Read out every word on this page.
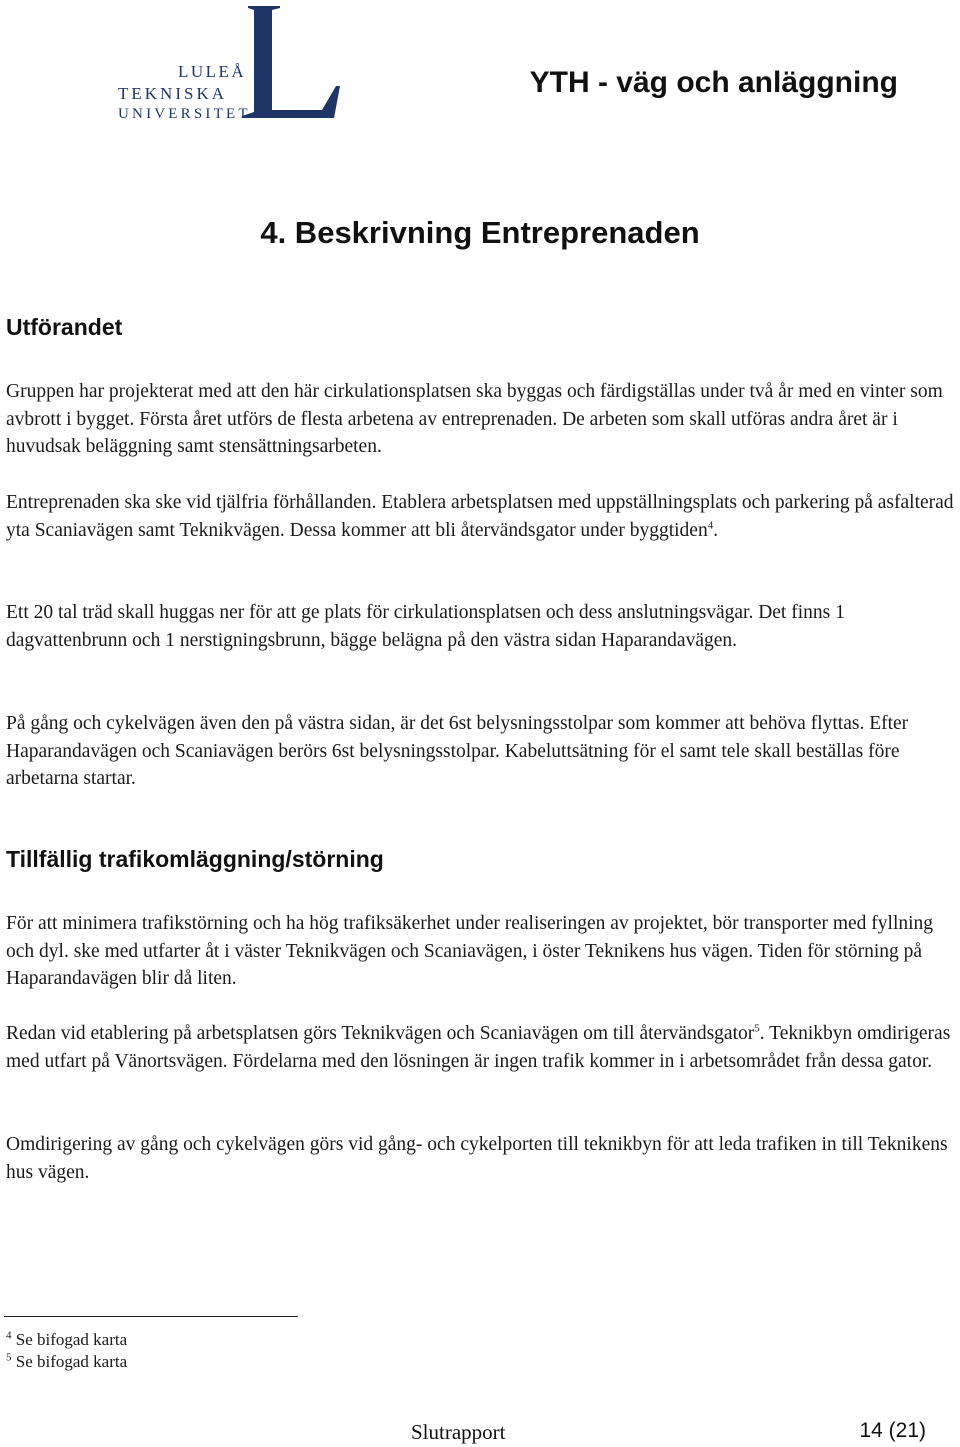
LULEÅ
TEKNISKA
UNIVERSITET
YTH - väg och anläggning
4. Beskrivning Entreprenaden
Utförandet

Gruppen har projekterat med att den här cirkulationsplatsen ska byggas och färdigställas under två år med en vinter som avbrott i bygget. Första året utförs de flesta arbetena av entreprenaden. De arbeten som skall utföras andra året är i huvudsak beläggning samt stensättningsarbeten.

Entreprenaden ska ske vid tjälfria förhållanden. Etablera arbetsplatsen med uppställningsplats och parkering på asfalterad yta Scaniavägen samt Teknikvägen. Dessa kommer att bli återvändsgator under byggtiden$^4$.

Ett 20 tal träd skall huggas ner för att ge plats för cirkulationsplatsen och dess anslutningsvägar. Det finns 1 dagvattenbrunn och 1 nerstigningsbrunn, bägge belägna på den västra sidan Haparandavägen.

På gång och cykelvägen även den på västra sidan, är det 6st belysningsstolpar som kommer att behöva flyttas. Efter Haparandavägen och Scaniavägen berörs 6st belysningsstolpar. Kabeluttsätning för el samt tele skall beställas före arbetarna startar.

Tillfällig trafikomläggning/störning

För att minimera trafikstörning och ha hög trafiksäkerhet under realiseringen av projektet, bör transporter med fyllning och dyl. ske med utfarter åt i väster Teknikvägen och Scaniavägen, i öster Teknikens hus vägen. Tiden för störning på Haparandavägen blir då liten.

Redan vid etablering på arbetsplatsen görs Teknikvägen och Scaniavägen om till återvändsgator$^5$. Teknikbyn omdirigeras med utfart på Vänortsvägen. Fördelarna med den lösningen är ingen trafik kommer in i arbetsområdet från dessa gator.

Omdirigering av gång och cykelvägen görs vid gång- och cykelporten till teknikbyn för att leda trafiken in till Teknikens hus vägen.

$^4$ Se bifogad karta
$^5$ Se bifogad karta
Slutrapport	14 (21)
